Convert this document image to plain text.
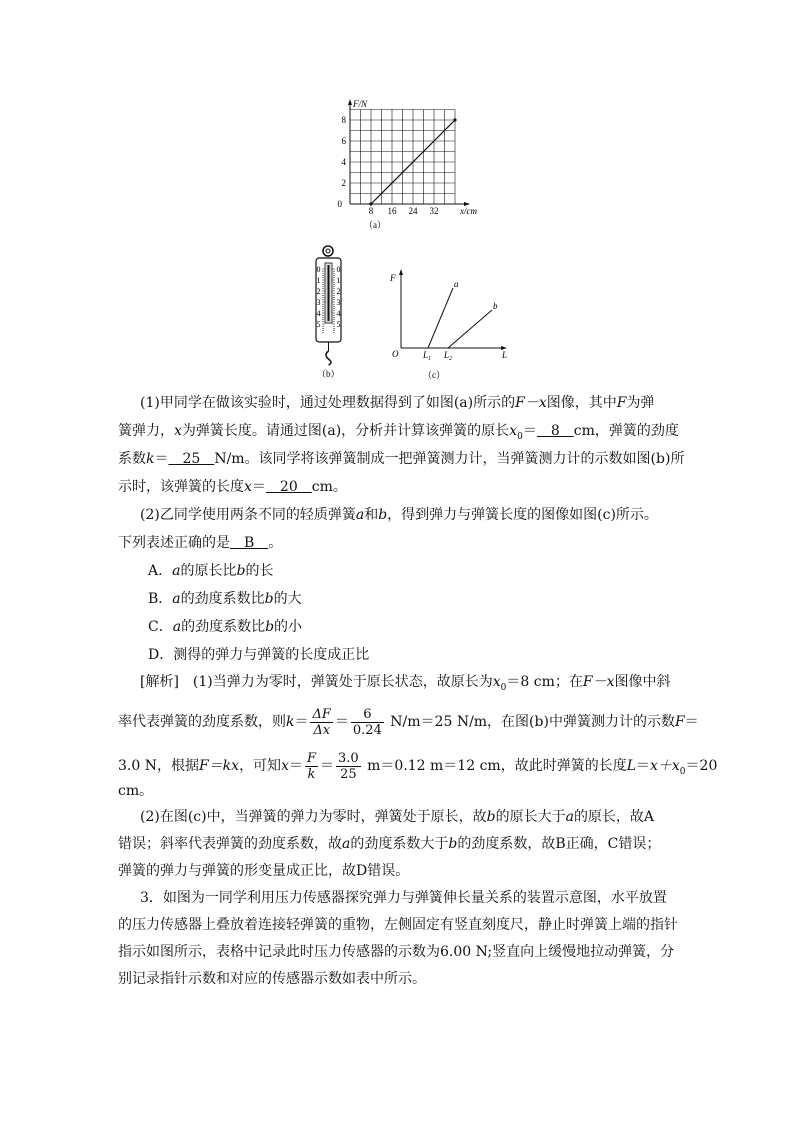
8 16 24 32
0
2
4
6
8
F/N
x/cm
（a）
0 0
1 1
2 2
3 3
4 4
5 5
（b）
F
O	L
$L_1$ $L_2$
a
b
（c）
(1)甲同学在做该实验时，通过处理数据得到了如图(a)所示的F－x图像，其中F为弹
簧弹力，x为弹簧长度。请通过图(a)，分析并计算该弹簧的原长$x_0=$　8　cm，弹簧的劲度
系数k＝　25　N/m。该同学将该弹簧制成一把弹簧测力计，当弹簧测力计的示数如图(b)所
示时，该弹簧的长度x＝　20　cm。
(2)乙同学使用两条不同的轻质弹簧a和b，得到弹力与弹簧长度的图像如图(c)所示。
下列表述正确的是　B　。
A．a的原长比b的长
B．a的劲度系数比b的大
C．a的劲度系数比b的小
D．测得的弹力与弹簧的长度成正比
[解析]　(1)当弹力为零时，弹簧处于原长状态，故原长为$x_0=8$ cm；在F－x图像中斜
率代表弹簧的劲度系数，则$k= \frac{\Delta F}{\Delta x} = \frac{6}{0.24} N/m=25$ N/m，在图(b)中弹簧测力计的示数F＝
3.0 N，根据F＝kx，可知$x= \frac{F}{k} = \frac{3.0}{25} m=0.12$ m＝12 cm，故此时弹簧的长度$L=x+x_0=20$
cm。
(2)在图(c)中，当弹簧的弹力为零时，弹簧处于原长，故b的原长大于a的原长，故A
错误；斜率代表弹簧的劲度系数，故a的劲度系数大于b的劲度系数，故B正确，C错误；
弹簧的弹力与弹簧的形变量成正比，故D错误。
3．如图为一同学利用压力传感器探究弹力与弹簧伸长量关系的装置示意图，水平放置
的压力传感器上叠放着连接轻弹簧的重物，左侧固定有竖直刻度尺，静止时弹簧上端的指针
指示如图所示，表格中记录此时压力传感器的示数为6.00 N;竖直向上缓慢地拉动弹簧，分
别记录指针示数和对应的传感器示数如表中所示。
